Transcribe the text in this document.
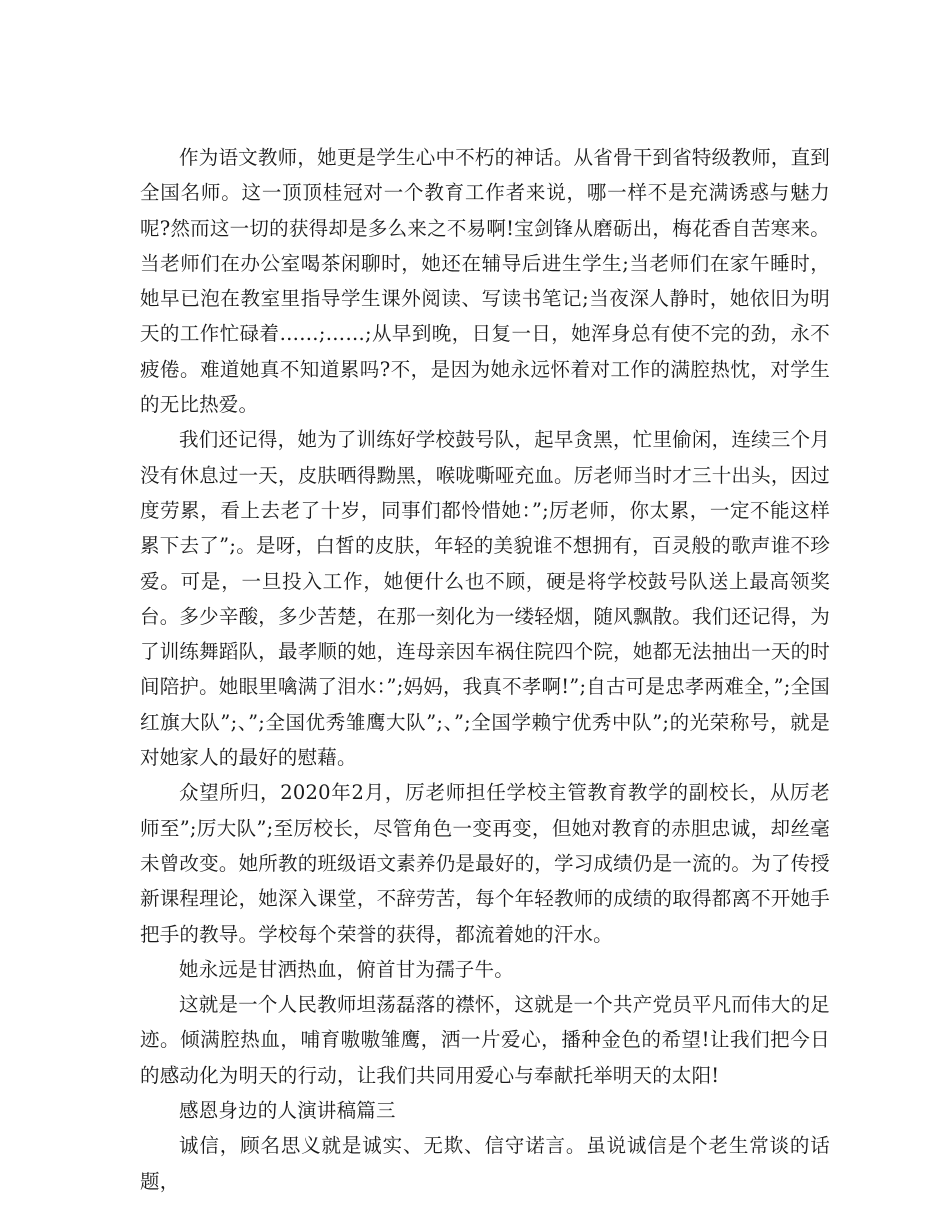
作为语文教师，她更是学生心中不朽的神话。从省骨干到省特级教师，直到全国名师。这一顶顶桂冠对一个教育工作者来说，哪一样不是充满诱惑与魅力呢?然而这一切的获得却是多么来之不易啊!宝剑锋从磨砺出，梅花香自苦寒来。当老师们在办公室喝茶闲聊时，她还在辅导后进生学生;当老师们在家午睡时，她早已泡在教室里指导学生课外阅读、写读书笔记;当夜深人静时，她依旧为明天的工作忙碌着……;……;从早到晚，日复一日，她浑身总有使不完的劲，永不疲倦。难道她真不知道累吗?不，是因为她永远怀着对工作的满腔热忱，对学生的无比热爱。

我们还记得，她为了训练好学校鼓号队，起早贪黑，忙里偷闲，连续三个月没有休息过一天，皮肤晒得黝黑，喉咙嘶哑充血。厉老师当时才三十出头，因过度劳累，看上去老了十岁，同事们都怜惜她：”;厉老师，你太累，一定不能这样累下去了”;。是呀，白皙的皮肤，年轻的美貌谁不想拥有，百灵般的歌声谁不珍爱。可是，一旦投入工作，她便什么也不顾，硬是将学校鼓号队送上最高领奖台。多少辛酸，多少苦楚，在那一刻化为一缕轻烟，随风飘散。我们还记得，为了训练舞蹈队，最孝顺的她，连母亲因车祸住院四个院，她都无法抽出一天的时间陪护。她眼里噙满了泪水：”;妈妈，我真不孝啊!”;自古可是忠孝两难全，”;全国红旗大队”;、”;全国优秀雏鹰大队”;、”;全国学赖宁优秀中队”;的光荣称号，就是对她家人的最好的慰藉。

众望所归，2020年2月，厉老师担任学校主管教育教学的副校长，从厉老师至”;厉大队”;至厉校长，尽管角色一变再变，但她对教育的赤胆忠诚，却丝毫未曾改变。她所教的班级语文素养仍是最好的，学习成绩仍是一流的。为了传授新课程理论，她深入课堂，不辞劳苦，每个年轻教师的成绩的取得都离不开她手把手的教导。学校每个荣誉的获得，都流着她的汗水。

她永远是甘洒热血，俯首甘为孺子牛。

这就是一个人民教师坦荡磊落的襟怀，这就是一个共产党员平凡而伟大的足迹。倾满腔热血，哺育嗷嗷雏鹰，洒一片爱心，播种金色的希望!让我们把今日的感动化为明天的行动，让我们共同用爱心与奉献托举明天的太阳!

感恩身边的人演讲稿篇三

诚信，顾名思义就是诚实、无欺、信守诺言。虽说诚信是个老生常谈的话题，
